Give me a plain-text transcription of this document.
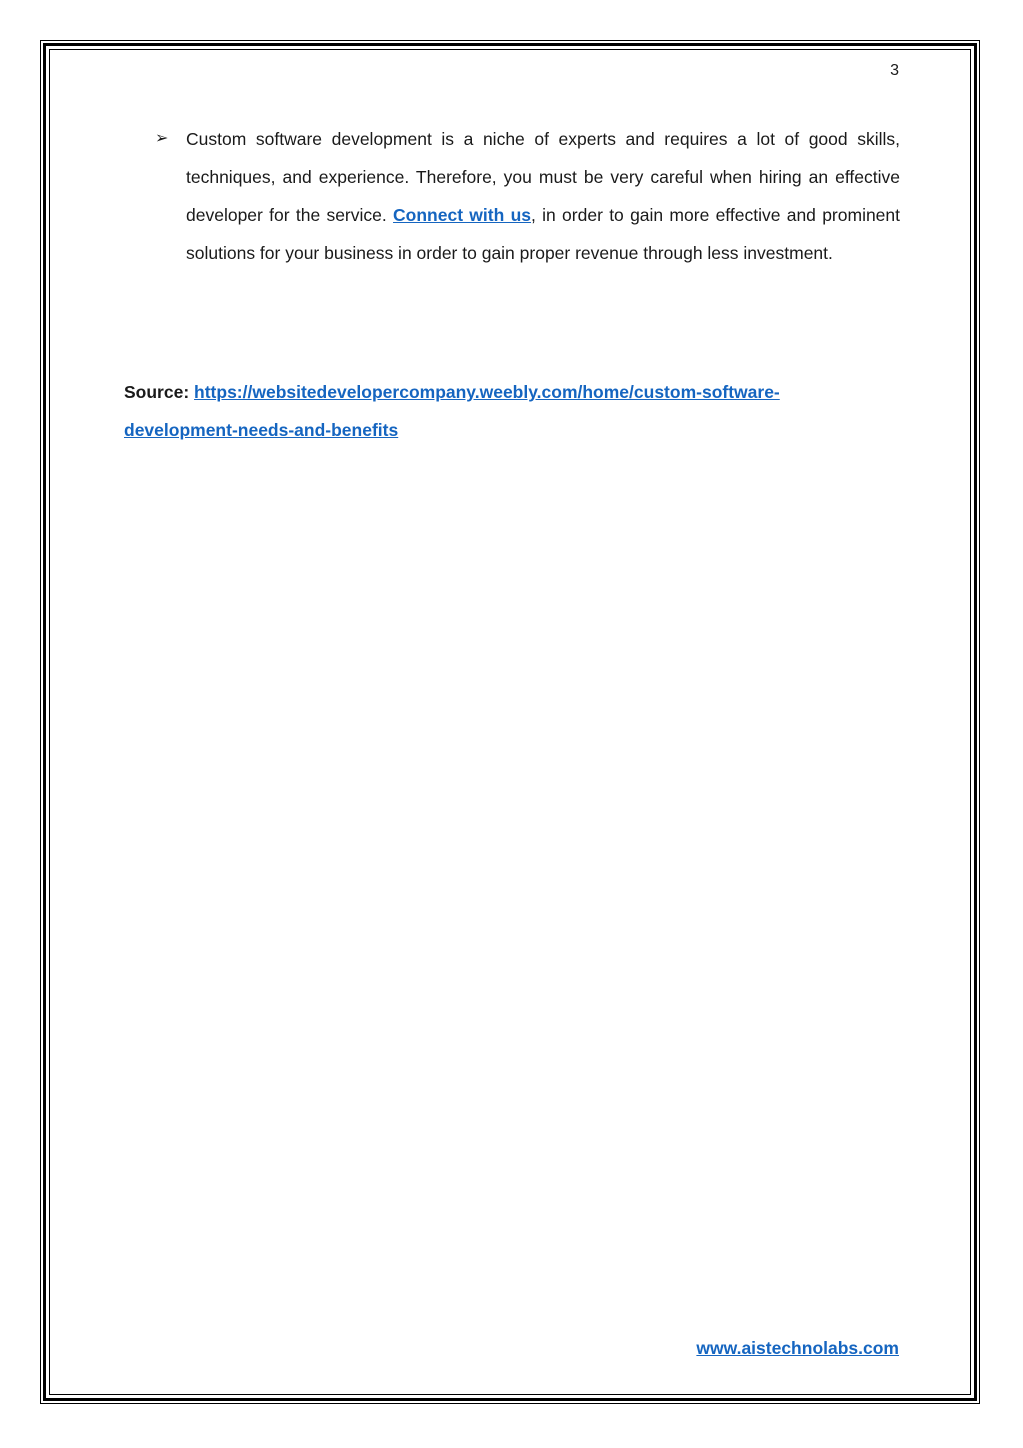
3
➢ Custom software development is a niche of experts and requires a lot of good skills, techniques, and experience. Therefore, you must be very careful when hiring an effective developer for the service. Connect with us, in order to gain more effective and prominent solutions for your business in order to gain proper revenue through less investment.
Source: https://websitedevelopercompany.weebly.com/home/custom-software-development-needs-and-benefits
www.aistechnolabs.com
